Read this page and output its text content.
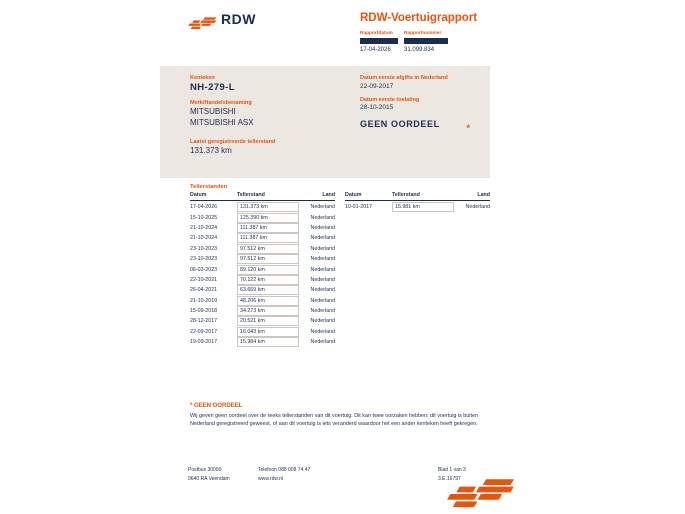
RDW	RDW-Voertuigrapport
Rapportdatum
17-04-2026
Rapportnummer
31.099.834
Kenteken
NH-279-L
Merk/Handelsbenaming
MITSUBISHI
MITSUBISHI ASX
Laatst geregistreerde tellerstand
131.373 km
Datum eerste afgifte in Nederland
22-09-2017
Datum eerste toelating
28-10-2015
GEEN OORDEEL	*
Tellerstanden
Datum	Tellerstand	Land
17-04-2026	131.373 km	Nederland
15-10-2025	125.390 km	Nederland
21-10-2024	111.387 km	Nederland
21-10-2024	111.387 km	Nederland
23-10-2023	97.512 km	Nederland
23-10-2023	97.512 km	Nederland
06-03-2023	89.120 km	Nederland
22-10-2021	70.122 km	Nederland
26-04-2021	63.669 km	Nederland
21-10-2019	48.206 km	Nederland
15-09-2018	34.273 km	Nederland
28-12-2017	20.521 km	Nederland
22-09-2017	16.043 km	Nederland
19-09-2017	15.984 km	Nederland
Datum	Tellerstand	Land
10-01-2017	15.981 km	Nederland
* GEEN OORDEEL
Wij geven geen oordeel over de reeks tellerstanden van dit voertuig. Dit kan twee oorzaken hebben: dit voertuig is buiten Nederland geregistreerd geweest, of aan dit voertuig is iets veranderd waardoor het een ander kenteken heeft gekregen.
Postbus 30000
9640 RA Veendam
Telefoon 088 008 74 47
www.rdw.nl
Blad 1 van 3
3.E.16797
